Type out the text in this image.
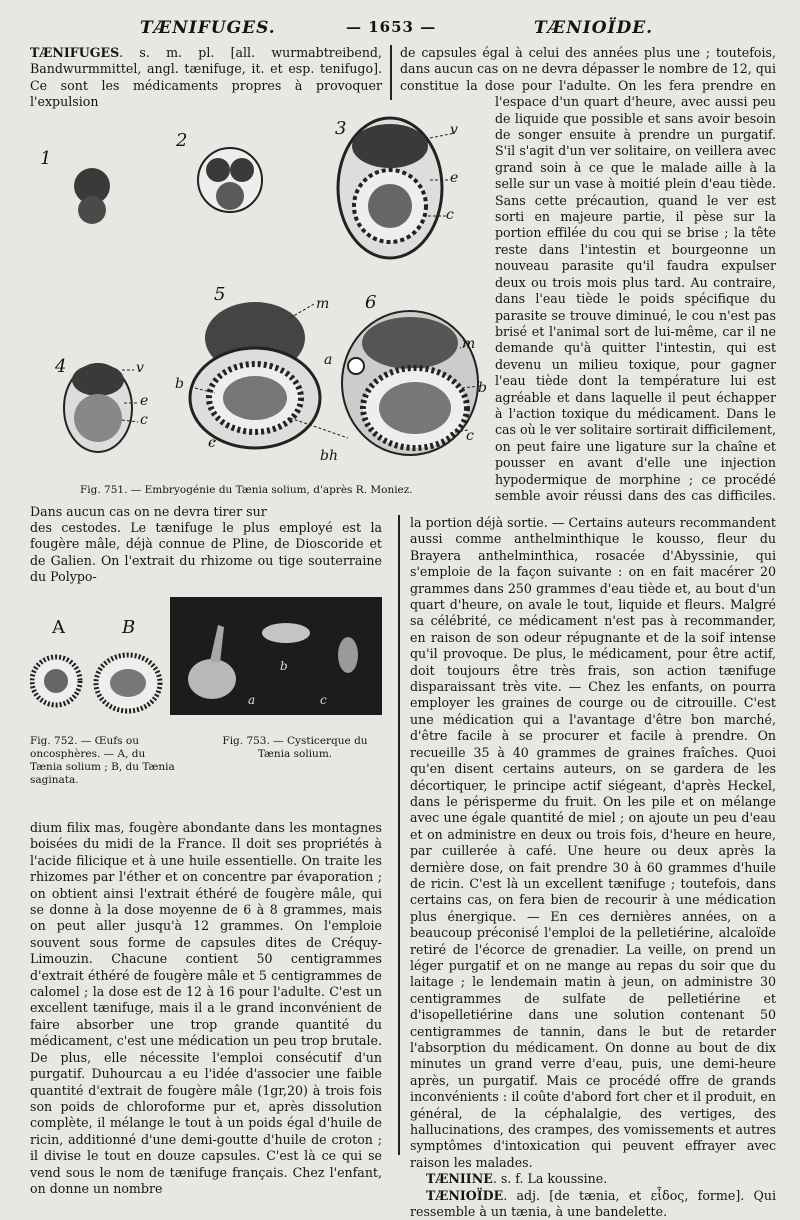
TÆNIFUGES.	— 1653 —	TÆNIOÏDE.

TÆNIFUGES. s. m. pl. [all. wurmabtreibend, Bandwurmmittel, angl. tænifuge, it. et esp. tenifugo]. Ce sont les médicaments propres à provoquer l'expulsion

de capsules égal à celui des années plus une ; toutefois, dans aucun cas on ne devra dépasser le nombre de 12, qui constitue la dose pour l'adulte. On les fera prendre en l'espace d'un quart d'heure, avec aussi peu de liquide que possible et sans avoir besoin de songer ensuite à prendre un purgatif. S'il s'agit d'un ver solitaire, on veillera avec grand soin à ce que le malade aille à la selle sur un vase à moitié plein d'eau tiède. Sans cette précaution, quand le ver est sorti en majeure partie, il pèse sur la portion effilée du cou qui se brise ; la tête reste dans l'intestin et bourgeonne un nouveau parasite qu'il faudra expulser deux ou trois mois plus tard. Au contraire, dans l'eau tiède le poids spécifique du parasite se trouve diminué, le cou n'est pas brisé et l'animal sort de lui-même, car il ne demande qu'à quitter l'intestin, qui est devenu un milieu toxique, pour gagner l'eau tiède dont la température lui est agréable et dans laquelle il peut échapper à l'action toxique du médicament. Dans le cas où le ver solitaire sortirait difficilement, on peut faire une ligature sur la chaîne et pousser en avant d'elle une injection hypodermique de morphine ; ce procédé semble avoir réussi dans des cas difficiles. Dans aucun cas on ne devra tirer sur

1
2
3
4
5	6
v
e
c
v
e
c
m
b
c
a
m
b
c
bh
Fig. 751. — Embryogénie du Tænia solium, d'après R. Moniez.

des cestodes. Le tænifuge le plus employé est la fougère mâle, déjà connue de Pline, de Dioscoride et de Galien. On l'extrait du rhizome ou tige souterraine du Polypo-

A	B
Fig. 752. — Œufs ou oncosphères. — A, du Tænia solium ; B, du Tænia saginata.
a
b
c
Fig. 753. — Cysticerque du Tænia solium.

dium filix mas, fougère abondante dans les montagnes boisées du midi de la France. Il doit ses propriétés à l'acide filicique et à une huile essentielle. On traite les rhizomes par l'éther et on concentre par évaporation ; on obtient ainsi l'extrait éthéré de fougère mâle, qui se donne à la dose moyenne de 6 à 8 grammes, mais on peut aller jusqu'à 12 grammes. On l'emploie souvent sous forme de capsules dites de Créquy-Limouzin. Chacune contient 50 centigrammes d'extrait éthéré de fougère mâle et 5 centigrammes de calomel ; la dose est de 12 à 16 pour l'adulte. C'est un excellent tænifuge, mais il a le grand inconvénient de faire absorber une trop grande quantité du médicament, c'est une médication un peu trop brutale. De plus, elle nécessite l'emploi consécutif d'un purgatif. Duhourcau a eu l'idée d'associer une faible quantité d'extrait de fougère mâle (1gr,20) à trois fois son poids de chloroforme pur et, après dissolution complète, il mélange le tout à un poids égal d'huile de ricin, additionné d'une demi-goutte d'huile de croton ; il divise le tout en douze capsules. C'est là ce qui se vend sous le nom de tænifuge français. Chez l'enfant, on donne un nombre

la portion déjà sortie. — Certains auteurs recommandent aussi comme anthelminthique le kousso, fleur du Brayera anthelminthica, rosacée d'Abyssinie, qui s'emploie de la façon suivante : on en fait macérer 20 grammes dans 250 grammes d'eau tiède et, au bout d'un quart d'heure, on avale le tout, liquide et fleurs. Malgré sa célébrité, ce médicament n'est pas à recommander, en raison de son odeur répugnante et de la soif intense qu'il provoque. De plus, le médicament, pour être actif, doit toujours être très frais, son action tænifuge disparaissant très vite. — Chez les enfants, on pourra employer les graines de courge ou de citrouille. C'est une médication qui a l'avantage d'être bon marché, d'être facile à se procurer et facile à prendre. On recueille 35 à 40 grammes de graines fraîches. Quoi qu'en disent certains auteurs, on se gardera de les décortiquer, le principe actif siégeant, d'après Heckel, dans le périsperme du fruit. On les pile et on mélange avec une égale quantité de miel ; on ajoute un peu d'eau et on administre en deux ou trois fois, d'heure en heure, par cuillerée à café. Une heure ou deux après la dernière dose, on fait prendre 30 à 60 grammes d'huile de ricin. C'est là un excellent tænifuge ; toutefois, dans certains cas, on fera bien de recourir à une médication plus énergique. — En ces dernières années, on a beaucoup préconisé l'emploi de la pelletiérine, alcaloïde retiré de l'écorce de grenadier. La veille, on prend un léger purgatif et on ne mange au repas du soir que du laitage ; le lendemain matin à jeun, on administre 30 centigrammes de sulfate de pelletiérine et d'isopelletiérine dans une solution contenant 50 centigrammes de tannin, dans le but de retarder l'absorption du médicament. On donne au bout de dix minutes un grand verre d'eau, puis, une demi-heure après, un purgatif. Mais ce procédé offre de grands inconvénients : il coûte d'abord fort cher et il produit, en général, de la céphalalgie, des vertiges, des hallucinations, des crampes, des vomissements et autres symptômes d'intoxication qui peuvent effrayer avec raison les malades.

TÆNIINE. s. f. La koussine.

TÆNIOÏDE. adj. [de tænia, et εἶδος, forme]. Qui ressemble à un tænia, à une bandelette.
